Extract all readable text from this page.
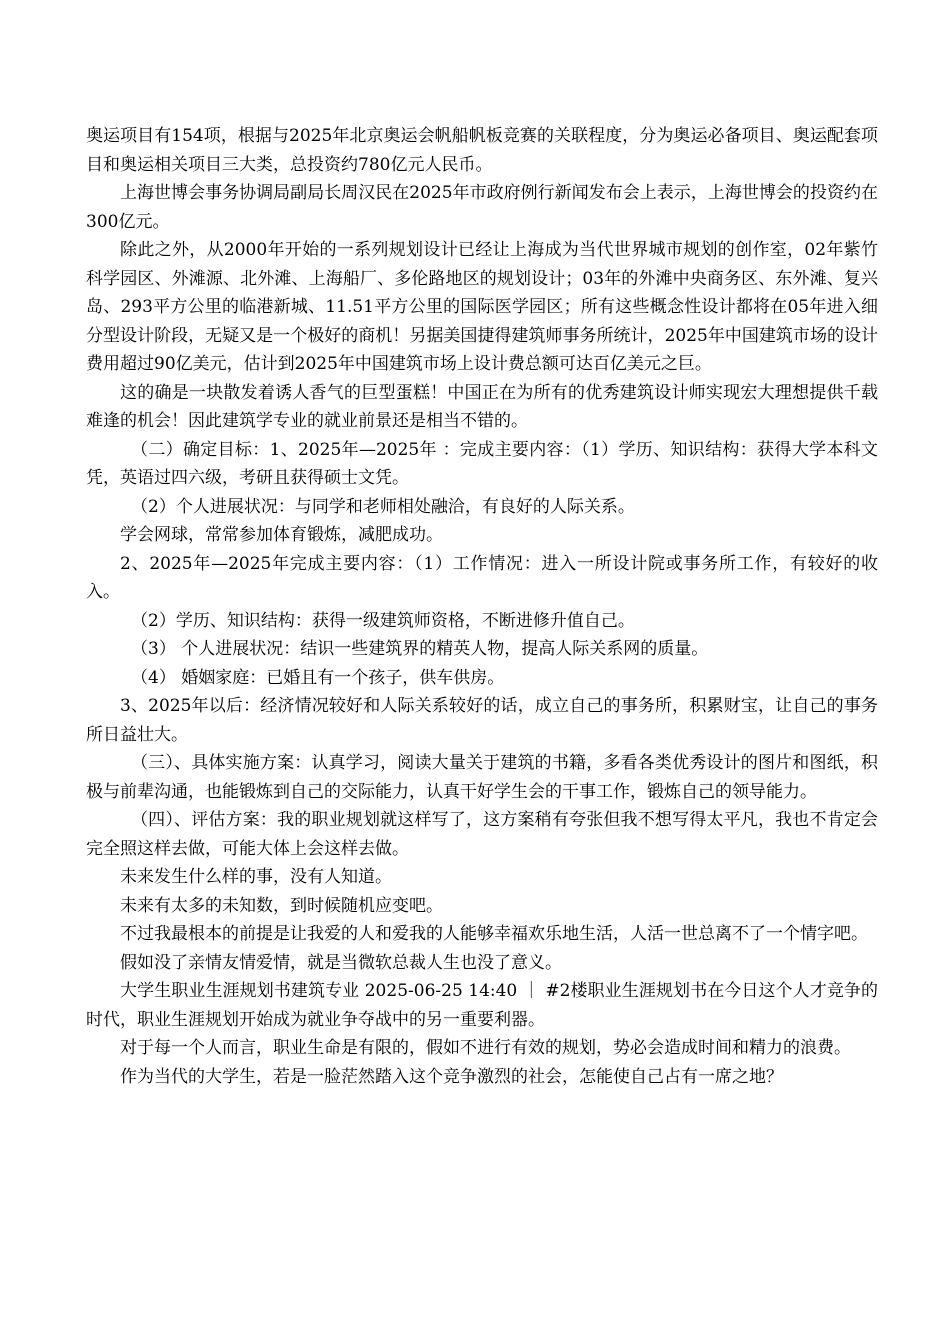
奥运项目有154项，根据与2025年北京奥运会帆船帆板竞赛的关联程度，分为奥运必备项目、奥运配套项目和奥运相关项目三大类，总投资约780亿元人民币。

上海世博会事务协调局副局长周汉民在2025年市政府例行新闻发布会上表示，上海世博会的投资约在300亿元。

除此之外，从2000年开始的一系列规划设计已经让上海成为当代世界城市规划的创作室，02年紫竹科学园区、外滩源、北外滩、上海船厂、多伦路地区的规划设计；03年的外滩中央商务区、东外滩、复兴岛、293平方公里的临港新城、11.51平方公里的国际医学园区；所有这些概念性设计都将在05年进入细分型设计阶段，无疑又是一个极好的商机！另据美国捷得建筑师事务所统计，2025年中国建筑市场的设计费用超过90亿美元，估计到2025年中国建筑市场上设计费总额可达百亿美元之巨。

这的确是一块散发着诱人香气的巨型蛋糕！中国正在为所有的优秀建筑设计师实现宏大理想提供千载难逢的机会！因此建筑学专业的就业前景还是相当不错的。

（二）确定目标：1、2025年—2025年 ：完成主要内容：（1）学历、知识结构：获得大学本科文凭，英语过四六级，考研且获得硕士文凭。

（2）个人进展状况：与同学和老师相处融洽，有良好的人际关系。

学会网球，常常参加体育锻炼，减肥成功。

2、2025年—2025年完成主要内容：（1）工作情况：进入一所设计院或事务所工作，有较好的收入。

（2）学历、知识结构：获得一级建筑师资格，不断进修升值自己。

（3） 个人进展状况：结识一些建筑界的精英人物，提高人际关系网的质量。

（4） 婚姻家庭：已婚且有一个孩子，供车供房。

3、2025年以后：经济情况较好和人际关系较好的话，成立自己的事务所，积累财宝，让自己的事务所日益壮大。

（三）、具体实施方案：认真学习，阅读大量关于建筑的书籍，多看各类优秀设计的图片和图纸，积极与前辈沟通，也能锻炼到自己的交际能力，认真干好学生会的干事工作，锻炼自己的领导能力。

（四）、评估方案：我的职业规划就这样写了，这方案稍有夸张但我不想写得太平凡，我也不肯定会完全照这样去做，可能大体上会这样去做。

未来发生什么样的事，没有人知道。

未来有太多的未知数，到时候随机应变吧。

不过我最根本的前提是让我爱的人和爱我的人能够幸福欢乐地生活，人活一世总离不了一个情字吧。

假如没了亲情友情爱情，就是当微软总裁人生也没了意义。

大学生职业生涯规划书建筑专业 2025-06-25 14:40 ｜ #2楼职业生涯规划书在今日这个人才竞争的时代，职业生涯规划开始成为就业争夺战中的另一重要利器。

对于每一个人而言，职业生命是有限的，假如不进行有效的规划，势必会造成时间和精力的浪费。

作为当代的大学生，若是一脸茫然踏入这个竞争激烈的社会，怎能使自己占有一席之地？
